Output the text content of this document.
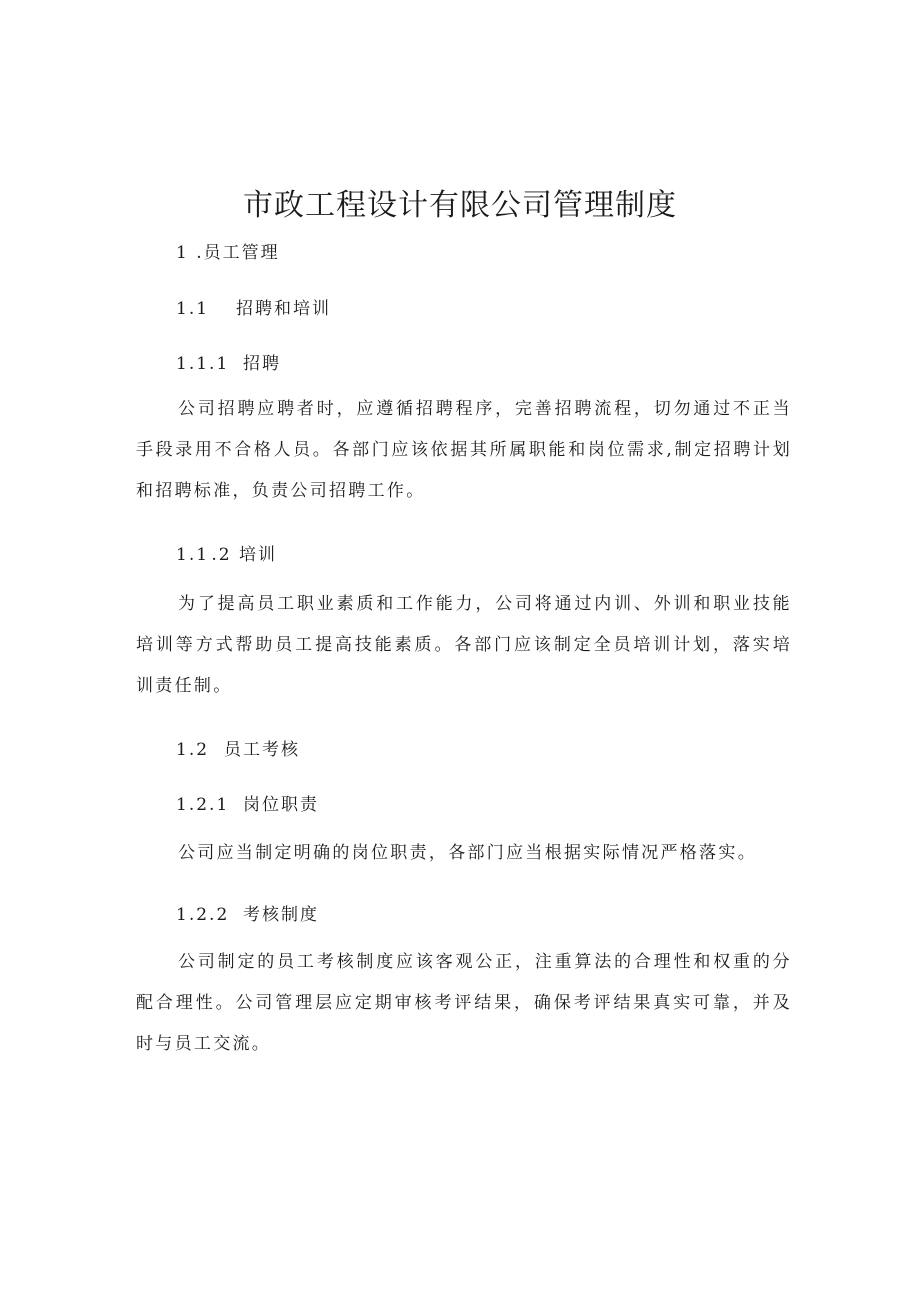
市政工程设计有限公司管理制度
1 .员工管理
1.1 招聘和培训
1.1.1 招聘

公司招聘应聘者时，应遵循招聘程序，完善招聘流程，切勿通过不正当手段录用不合格人员。各部门应该依据其所属职能和岗位需求,制定招聘计划和招聘标准，负责公司招聘工作。

1.1 .2 培训

为了提高员工职业素质和工作能力，公司将通过内训、外训和职业技能培训等方式帮助员工提高技能素质。各部门应该制定全员培训计划，落实培训责任制。

1.2 员工考核
1.2.1 岗位职责

公司应当制定明确的岗位职责，各部门应当根据实际情况严格落实。

1.2.2 考核制度

公司制定的员工考核制度应该客观公正，注重算法的合理性和权重的分配合理性。公司管理层应定期审核考评结果，确保考评结果真实可靠，并及时与员工交流。
